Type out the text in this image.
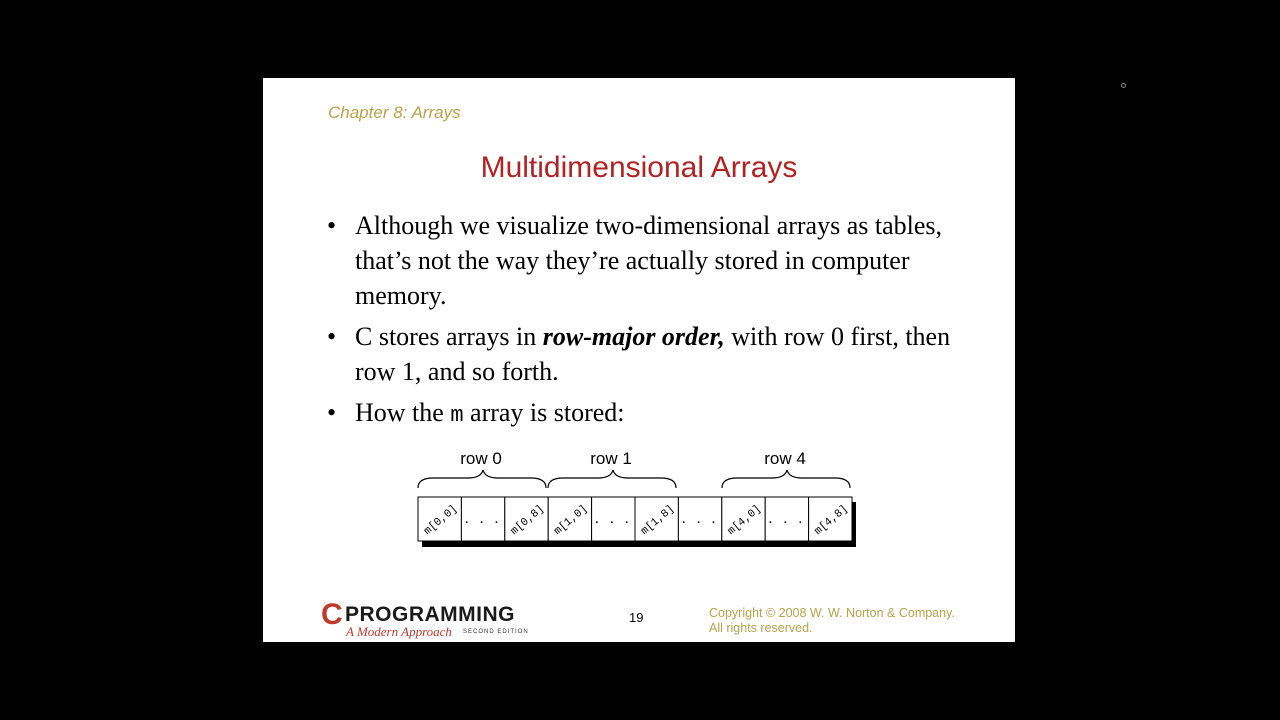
Chapter 8: Arrays
Multidimensional Arrays
• Although we visualize two-dimensional arrays as tables, that’s not the way they’re actually stored in computer memory.
• C stores arrays in row-major order, with row 0 first, then row 1, and so forth.
• How the m array is stored:
row 0	row 1	row 4
m[0,0] . . . m[0,8] m[1,0] . . . m[1,8] . . . m[4,0] . . . m[4,8]
C PROGRAMMING
A Modern Approach SECOND EDITION
19	Copyright © 2008 W. W. Norton & Company.
All rights reserved.
